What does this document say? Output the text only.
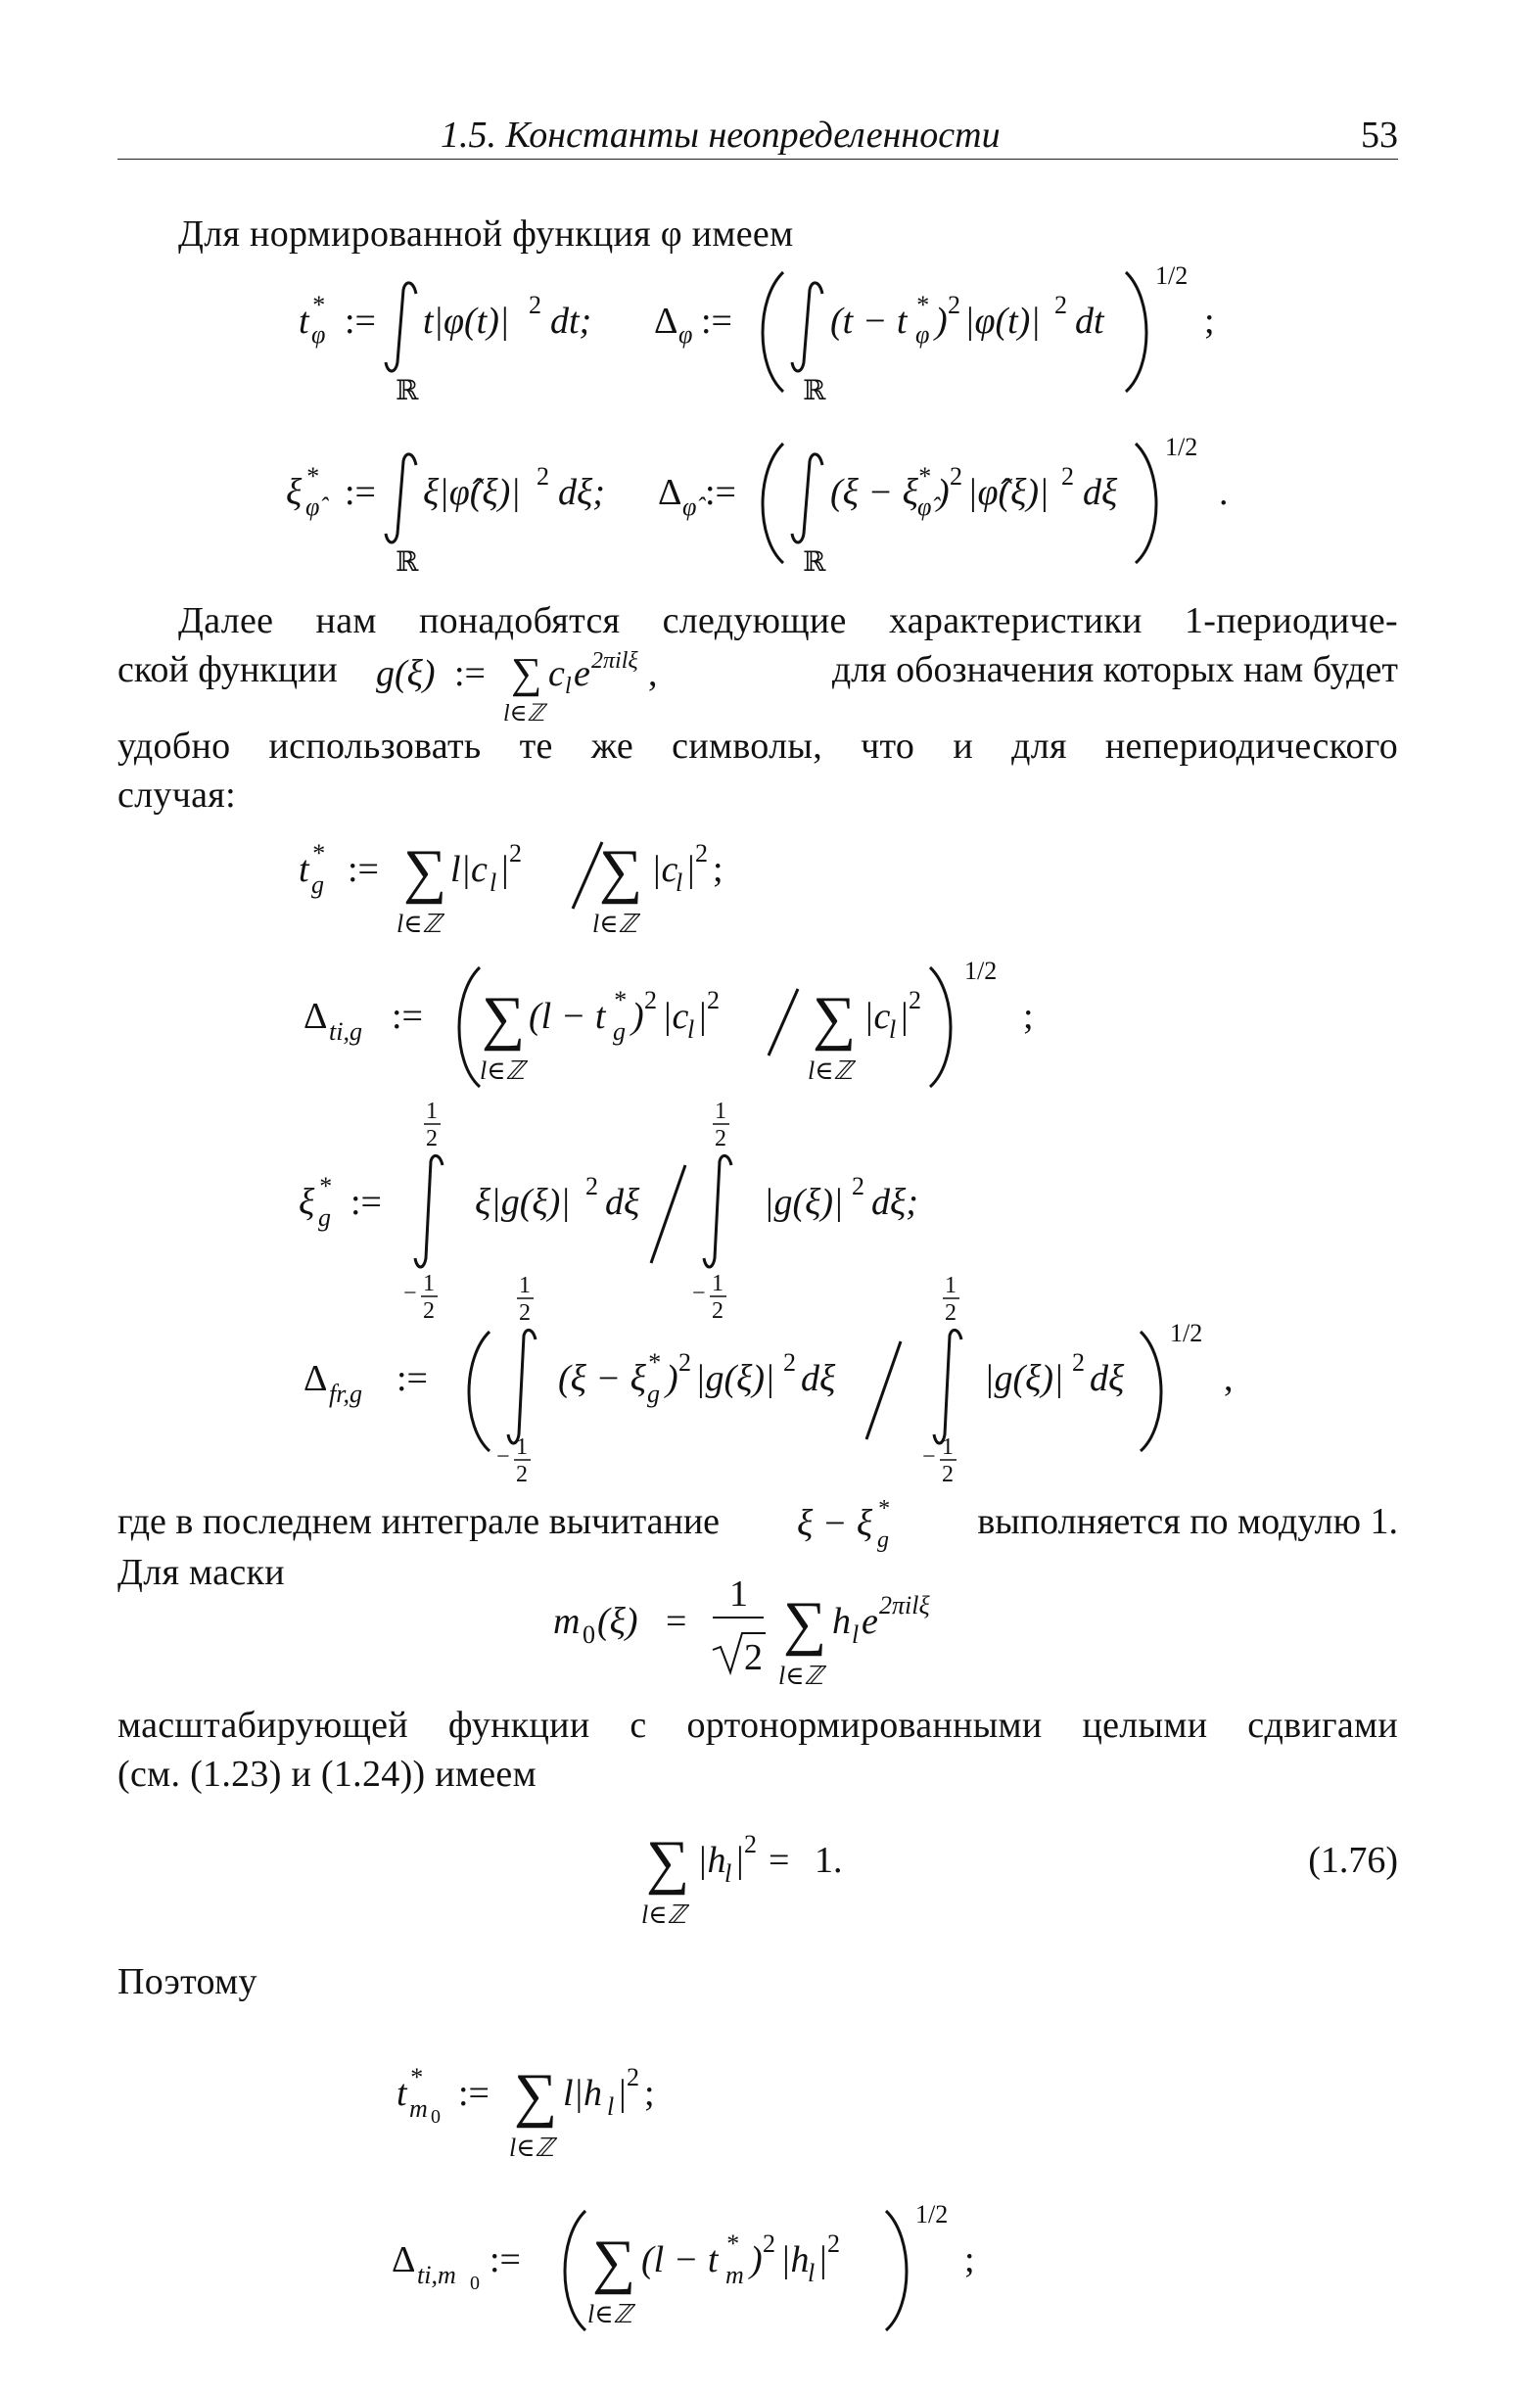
1.5. Константы неопределенности	53
Для нормированной функция φ имеем
t *
φ :=
ℝ
t|φ(t)| 2 dt; Δ φ :=
ℝ
(t − t *
φ ) 2 |φ(t)| 2 dt
1/2
;
ξ *
φ̂ :=
ℝ
ξ|φ̂(ξ)| 2 dξ; Δ φ̂ :=
ℝ
(ξ − ξ *
φ̂ ) 2 |φ̂(ξ)| 2 dξ
1/2
.
Далее нам понадобятся следующие характеристики 1-периодиче-
ской функции g(ξ) := ∑
l∈ℤ
c l e 2πilξ ,	для обозначения которых нам будет
удобно использовать те же символы, что и для непериодического
случая:
t *
g := ∑
l∈ℤ
l|c l | 2 ∑
l∈ℤ
|c
l | 2 ;
Δ ti,g := ∑
l∈ℤ
(l − t *
g ) 2 |c
l | 2 ∑
l∈ℤ
|c
l | 2
1/2
;
ξ *
g :=
1
2
− 1
2
ξ|g(ξ)| 2 dξ
1
2
− 1
2
|g(ξ)| 2 dξ;
Δ fr,g :=
1
2
− 1
2
(ξ − ξ *
g ) 2 |g(ξ)| 2 dξ
1
2
− 1
2
|g(ξ)| 2 dξ
1/2
,
где в последнем интеграле вычитание ξ − ξ *
g выполняется по модулю 1.
Для маски
m 0 (ξ) =
1
2
∑
l∈ℤ
h l e 2πilξ
масштабирующей функции с ортонормированными целыми сдвигами
(см. (1.23) и (1.24)) имеем
∑
l∈ℤ
|h
l | 2 = 1.	(1.76)
Поэтому
t *
m 0
:= ∑
l∈ℤ
l|h l | 2 ;
Δ ti,m 0
:= ∑
l∈ℤ
(l − t *
m ) 2 |h
l | 2
1/2
;
